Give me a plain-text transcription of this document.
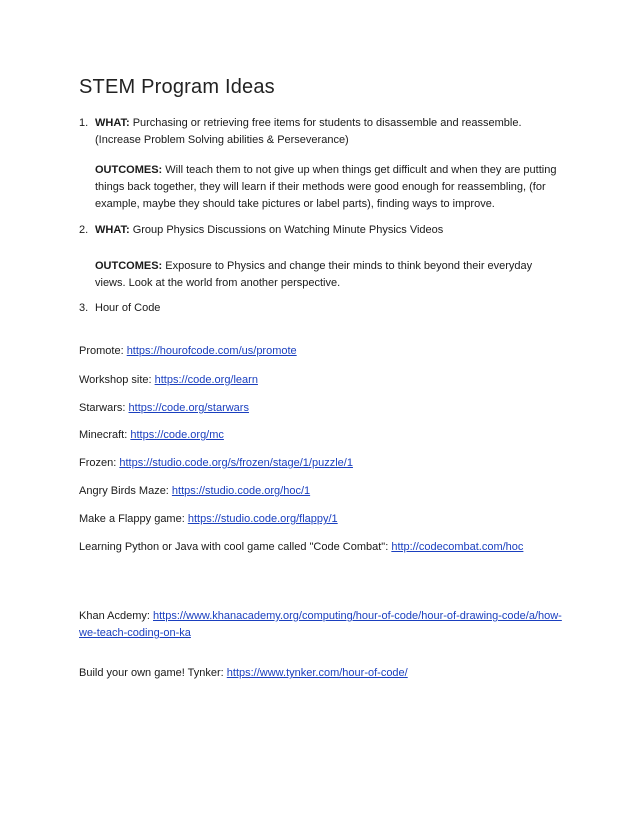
STEM Program Ideas
1. WHAT: Purchasing or retrieving free items for students to disassemble and reassemble. (Increase Problem Solving abilities & Perseverance)
OUTCOMES: Will teach them to not give up when things get difficult and when they are putting things back together, they will learn if their methods were good enough for reassembling, (for example, maybe they should take pictures or label parts), finding ways to improve.
2. WHAT: Group Physics Discussions on Watching Minute Physics Videos
OUTCOMES: Exposure to Physics and change their minds to think beyond their everyday views. Look at the world from another perspective.
3. Hour of Code
Promote: https://hourofcode.com/us/promote
Workshop site: https://code.org/learn
Starwars: https://code.org/starwars
Minecraft: https://code.org/mc
Frozen: https://studio.code.org/s/frozen/stage/1/puzzle/1
Angry Birds Maze: https://studio.code.org/hoc/1
Make a Flappy game: https://studio.code.org/flappy/1
Learning Python or Java with cool game called "Code Combat": http://codecombat.com/hoc
Khan Acdemy: https://www.khanacademy.org/computing/hour-of-code/hour-of-drawing-code/a/how-we-teach-coding-on-ka
Build your own game! Tynker: https://www.tynker.com/hour-of-code/
